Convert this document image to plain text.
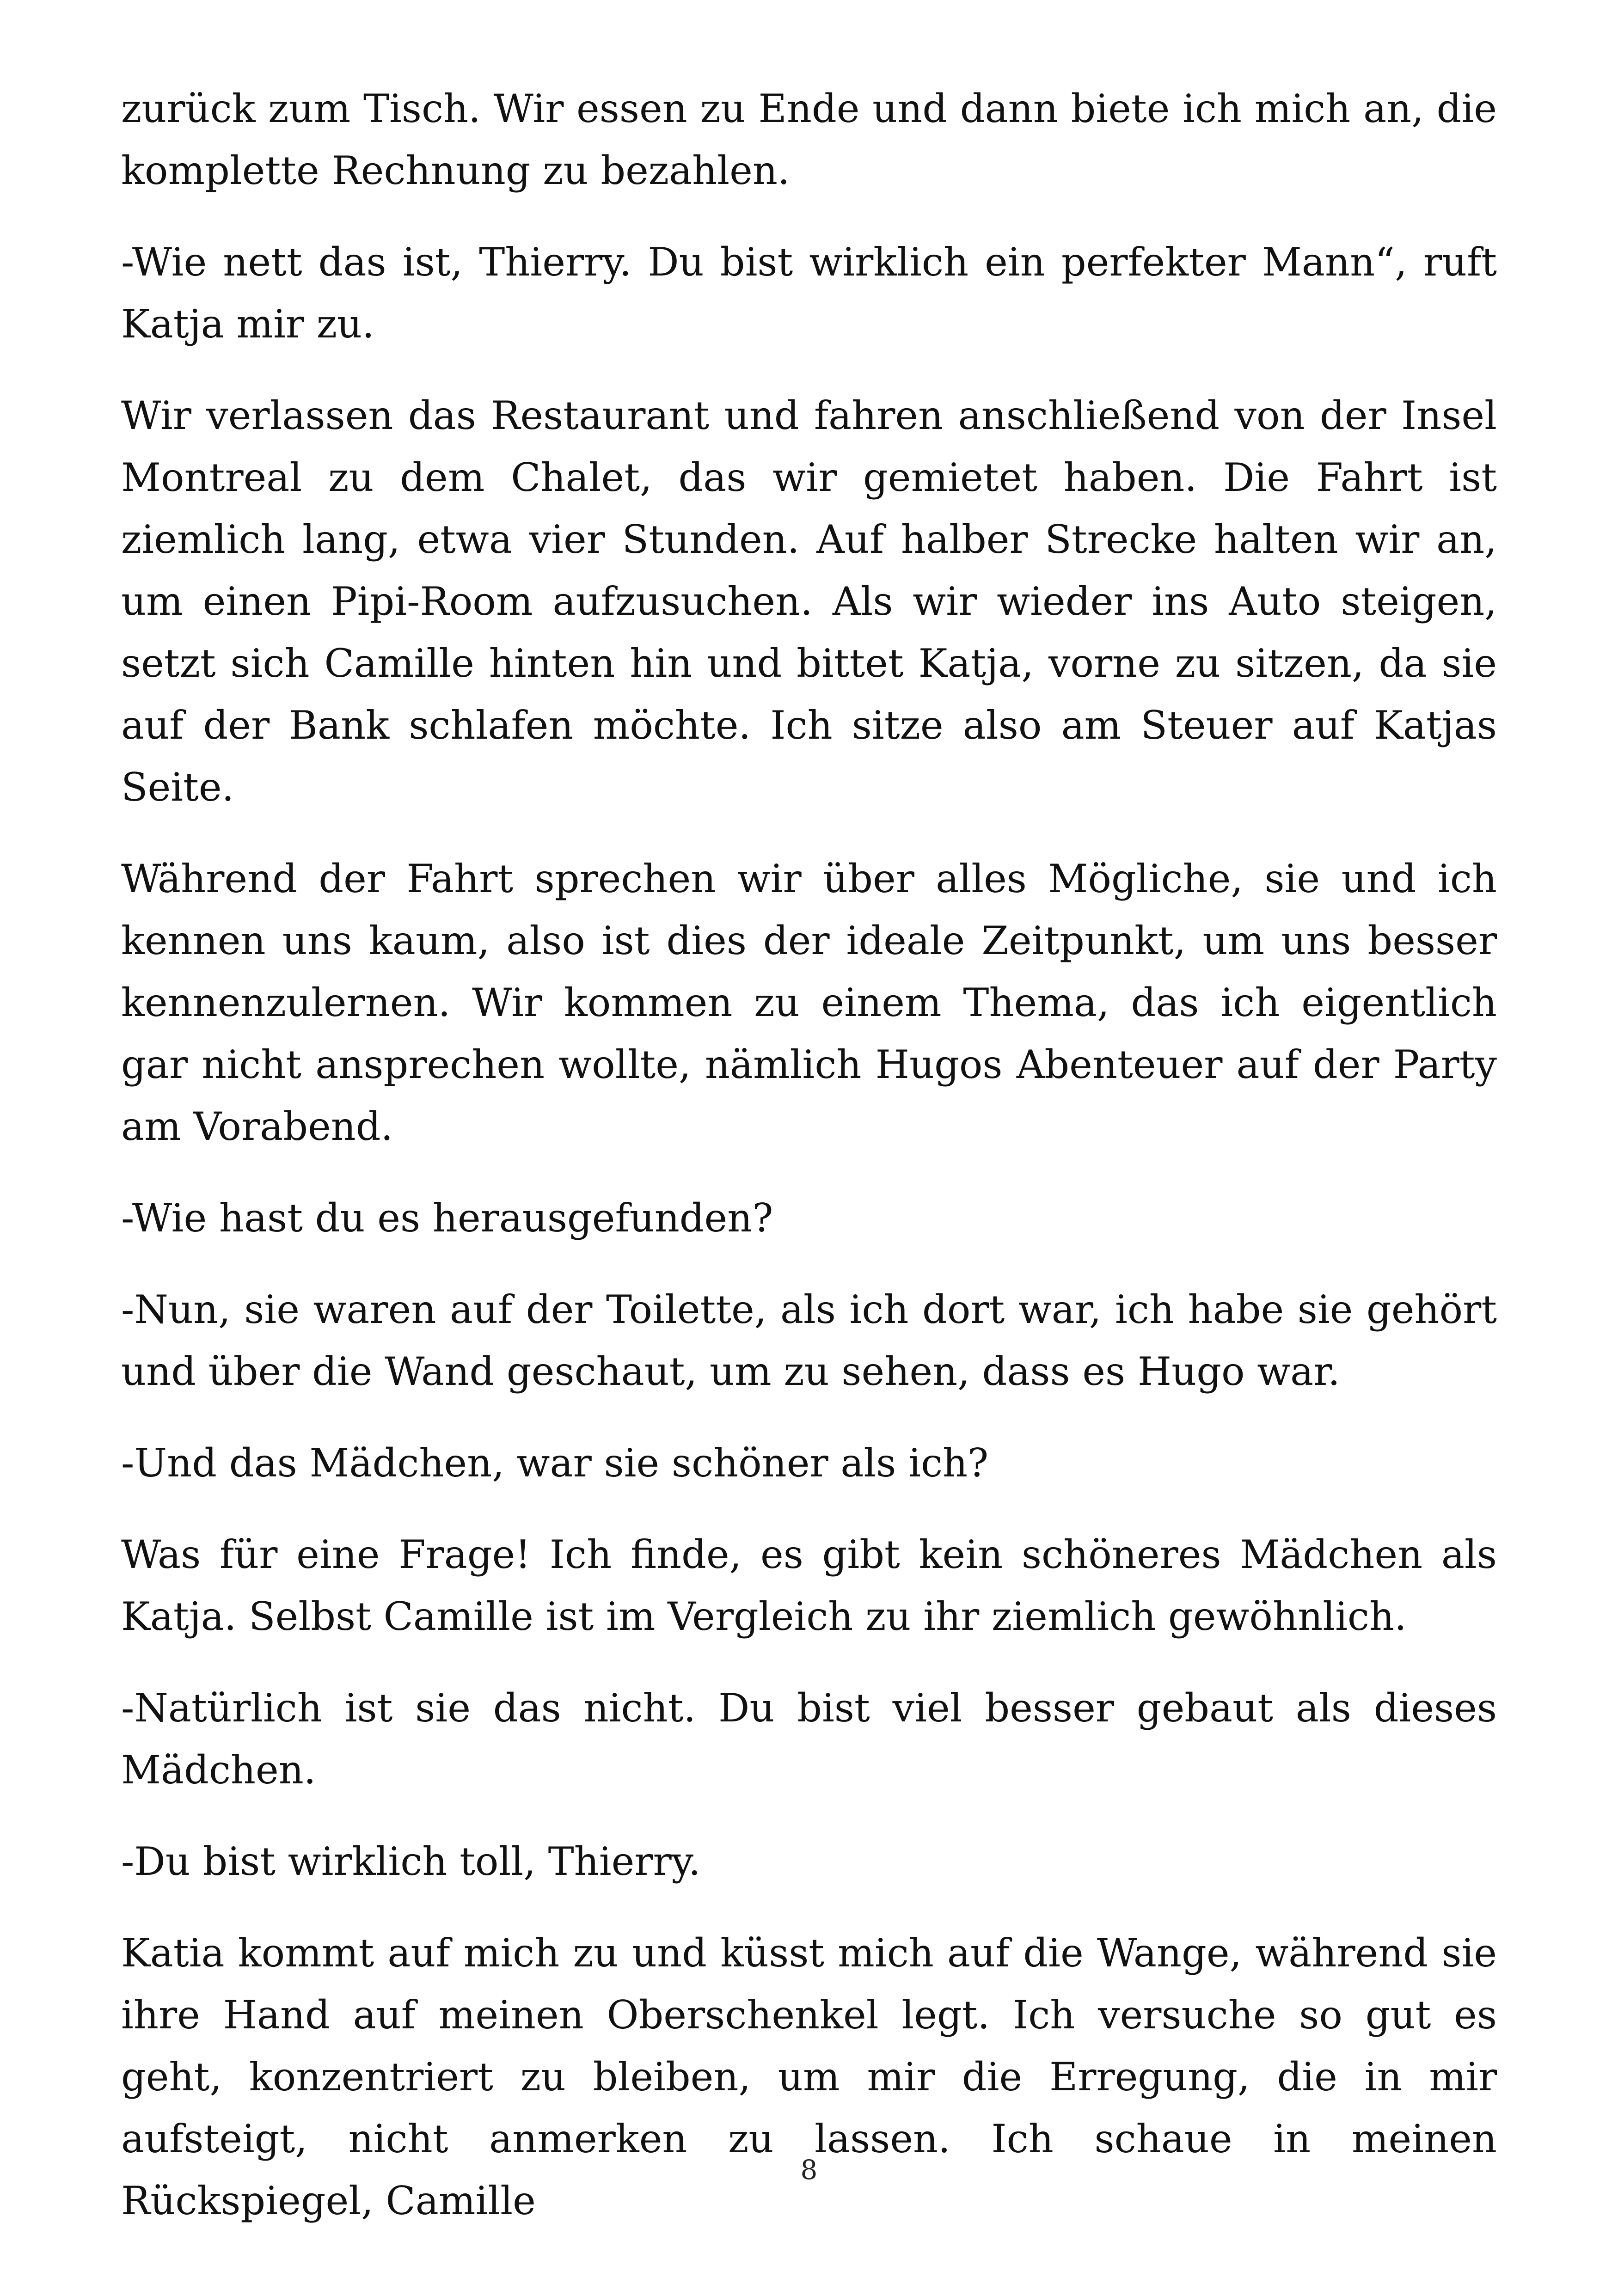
zurück zum Tisch. Wir essen zu Ende und dann biete ich mich an, die komplette Rechnung zu bezahlen.

-Wie nett das ist, Thierry. Du bist wirklich ein perfekter Mann“, ruft Katja mir zu.

Wir verlassen das Restaurant und fahren anschließend von der Insel Montreal zu dem Chalet, das wir gemietet haben. Die Fahrt ist ziemlich lang, etwa vier Stunden. Auf halber Strecke halten wir an, um einen Pipi-Room aufzusuchen. Als wir wieder ins Auto steigen, setzt sich Camille hinten hin und bittet Katja, vorne zu sitzen, da sie auf der Bank schlafen möchte. Ich sitze also am Steuer auf Katjas Seite.

Während der Fahrt sprechen wir über alles Mögliche, sie und ich kennen uns kaum, also ist dies der ideale Zeitpunkt, um uns besser kennenzulernen. Wir kommen zu einem Thema, das ich eigentlich gar nicht ansprechen wollte, nämlich Hugos Abenteuer auf der Party am Vorabend.

-Wie hast du es herausgefunden?

-Nun, sie waren auf der Toilette, als ich dort war, ich habe sie gehört und über die Wand geschaut, um zu sehen, dass es Hugo war.

-Und das Mädchen, war sie schöner als ich?

Was für eine Frage! Ich finde, es gibt kein schöneres Mädchen als Katja. Selbst Camille ist im Vergleich zu ihr ziemlich gewöhnlich.

-Natürlich ist sie das nicht. Du bist viel besser gebaut als dieses Mädchen.

-Du bist wirklich toll, Thierry.

Katia kommt auf mich zu und küsst mich auf die Wange, während sie ihre Hand auf meinen Oberschenkel legt. Ich versuche so gut es geht, konzentriert zu bleiben, um mir die Erregung, die in mir aufsteigt, nicht anmerken zu lassen. Ich schaue in meinen Rückspiegel, Camille

8
